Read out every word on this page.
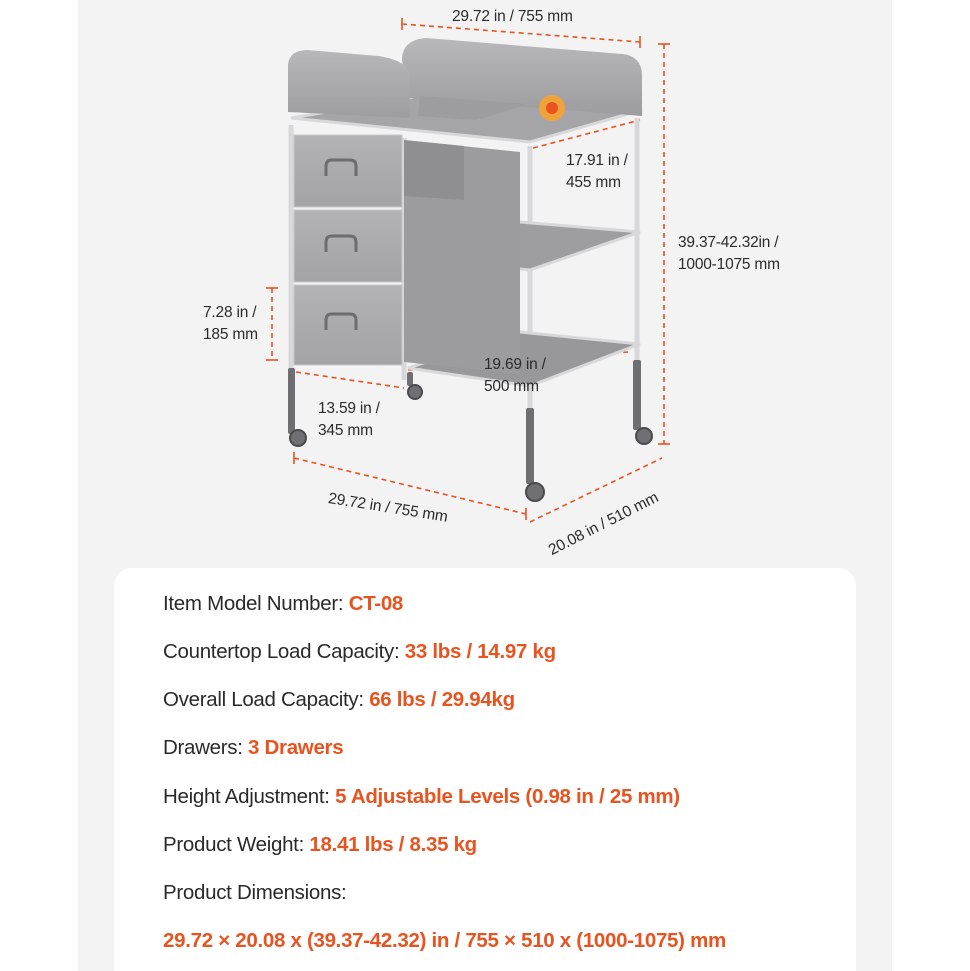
29.72 in / 755 mm
17.91 in /
455 mm
39.37-42.32in /
1000-1075 mm
7.28 in /
185 mm
19.69 in /
500 mm
13.59 in /
345 mm
29.72 in / 755 mm	20.08 in / 510 mm
Item Model Number: CT-08
Countertop Load Capacity: 33 lbs / 14.97 kg
Overall Load Capacity: 66 lbs / 29.94kg
Drawers: 3 Drawers
Height Adjustment: 5 Adjustable Levels (0.98 in / 25 mm)
Product Weight: 18.41 lbs / 8.35 kg
Product Dimensions:
29.72 × 20.08 x (39.37-42.32) in / 755 × 510 x (1000-1075) mm
